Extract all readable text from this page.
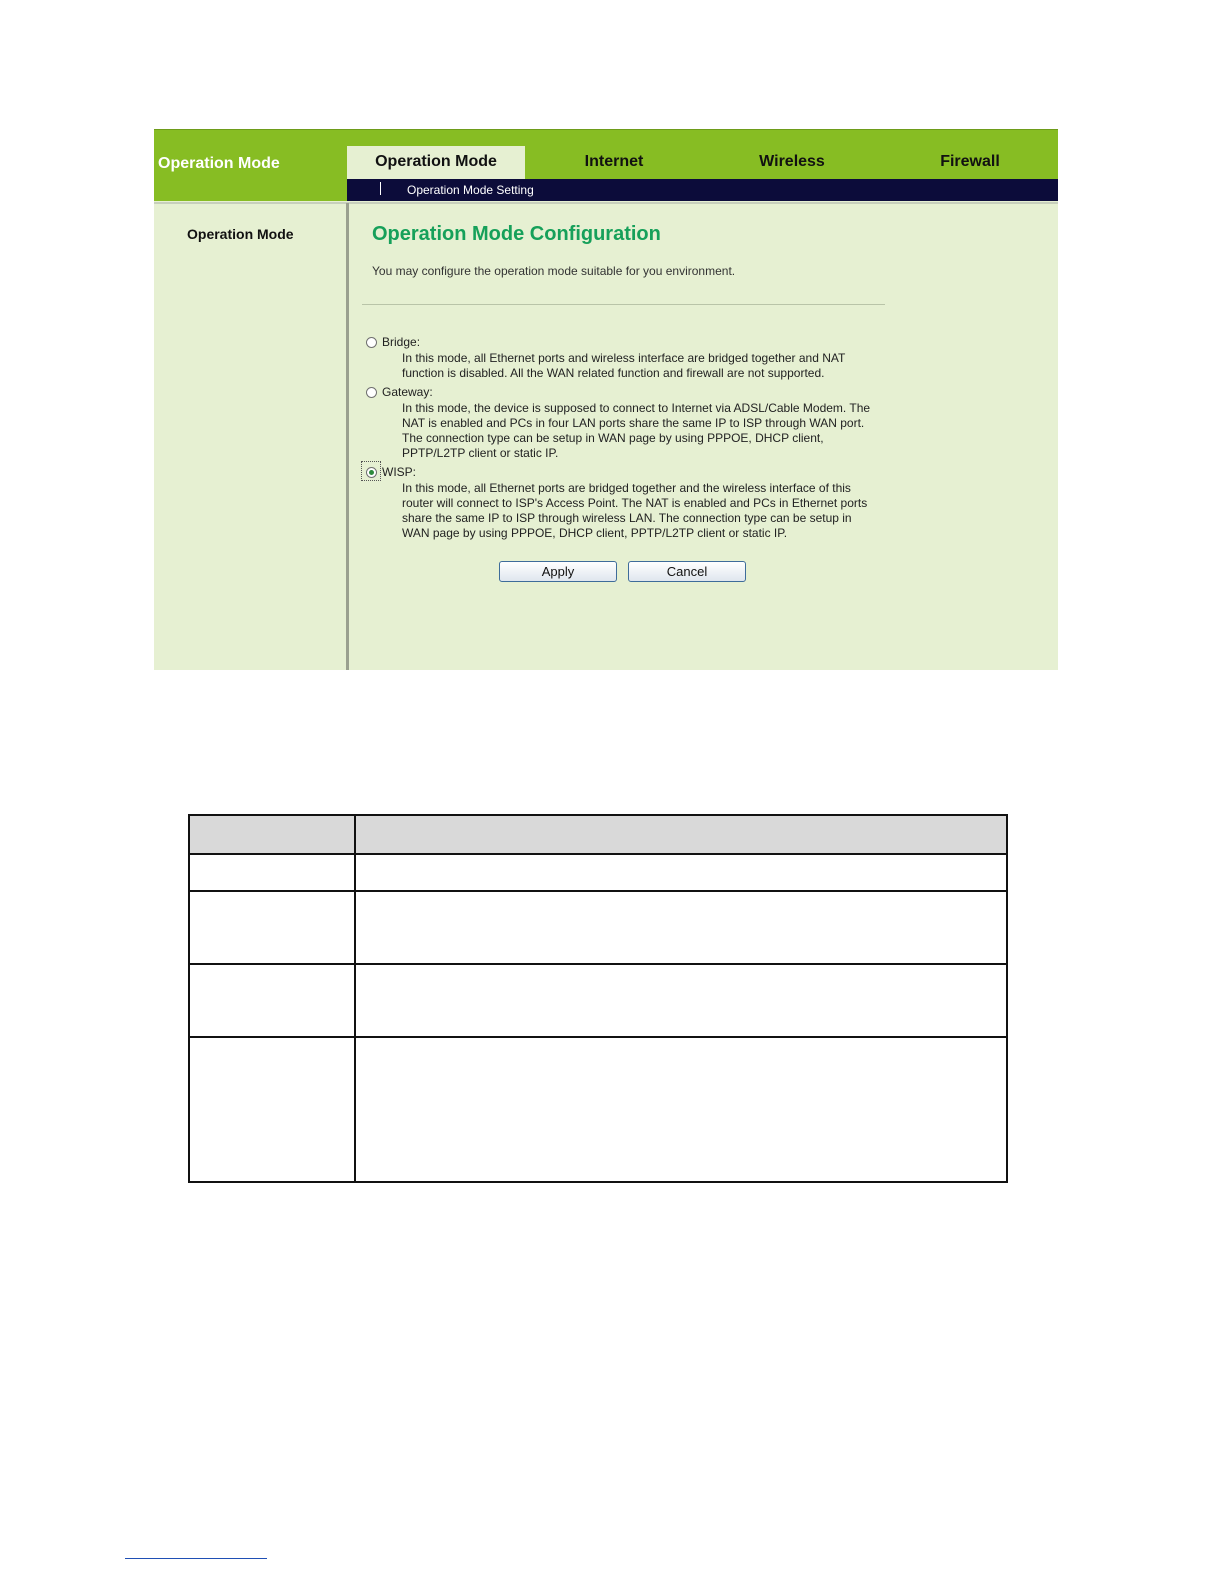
Operation Mode	Operation Mode	Internet	Wireless	Firewall
Operation Mode Setting
Operation Mode	Operation Mode Configuration
You may configure the operation mode suitable for you environment.
Bridge:
In this mode, all Ethernet ports and wireless interface are bridged together and NAT
function is disabled. All the WAN related function and firewall are not supported.
Gateway:
In this mode, the device is supposed to connect to Internet via ADSL/Cable Modem. The
NAT is enabled and PCs in four LAN ports share the same IP to ISP through WAN port.
The connection type can be setup in WAN page by using PPPOE, DHCP client,
PPTP/L2TP client or static IP.
WISP:
In this mode, all Ethernet ports are bridged together and the wireless interface of this
router will connect to ISP's Access Point. The NAT is enabled and PCs in Ethernet ports
share the same IP to ISP through wireless LAN. The connection type can be setup in
WAN page by using PPPOE, DHCP client, PPTP/L2TP client or static IP.
Apply	Cancel
